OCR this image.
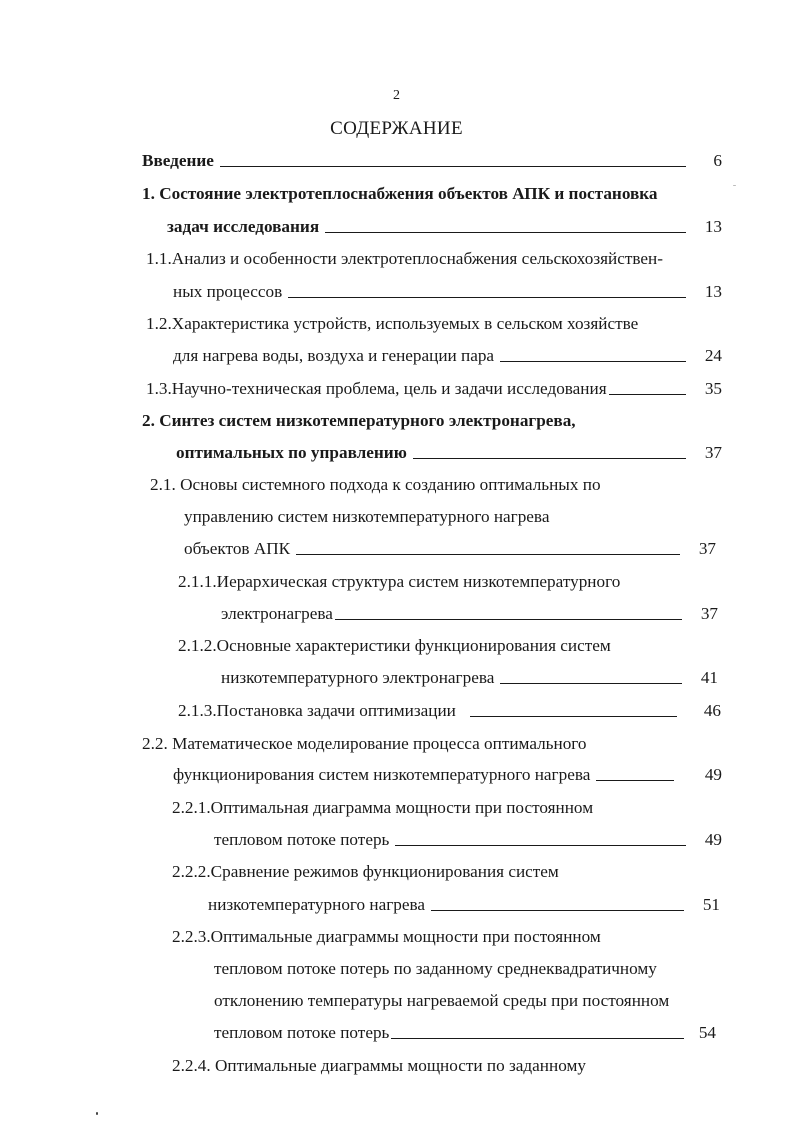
2
СОДЕРЖАНИЕ
Введение	6
1. Состояние электротеплоснабжения объектов АПК и постановка
задач исследования	13
1.1.Анализ и особенности электротеплоснабжения сельскохозяйствен-
ных процессов	13
1.2.Характеристика устройств, используемых в сельском хозяйстве
для нагрева воды, воздуха и генерации пара	24
1.3.Научно-техническая проблема, цель и задачи исследования	35
2. Синтез систем низкотемпературного электронагрева,
оптимальных по управлению	37
2.1. Основы системного подхода к созданию оптимальных по
управлению систем низкотемпературного нагрева
объектов АПК	37
2.1.1.Иерархическая структура систем низкотемпературного
электронагрева	37
2.1.2.Основные характеристики функционирования систем
низкотемпературного электронагрева	41
2.1.3.Постановка задачи оптимизации	46
2.2. Математическое моделирование процесса оптимального
функционирования систем низкотемпературного нагрева	49
2.2.1.Оптимальная диаграмма мощности при постоянном
тепловом потоке потерь	49
2.2.2.Сравнение режимов функционирования систем
низкотемпературного нагрева	51
2.2.3.Оптимальные диаграммы мощности при постоянном
тепловом потоке потерь по заданному среднеквадратичному
отклонению температуры нагреваемой среды при постоянном
тепловом потоке потерь	54
2.2.4. Оптимальные диаграммы мощности по заданному
